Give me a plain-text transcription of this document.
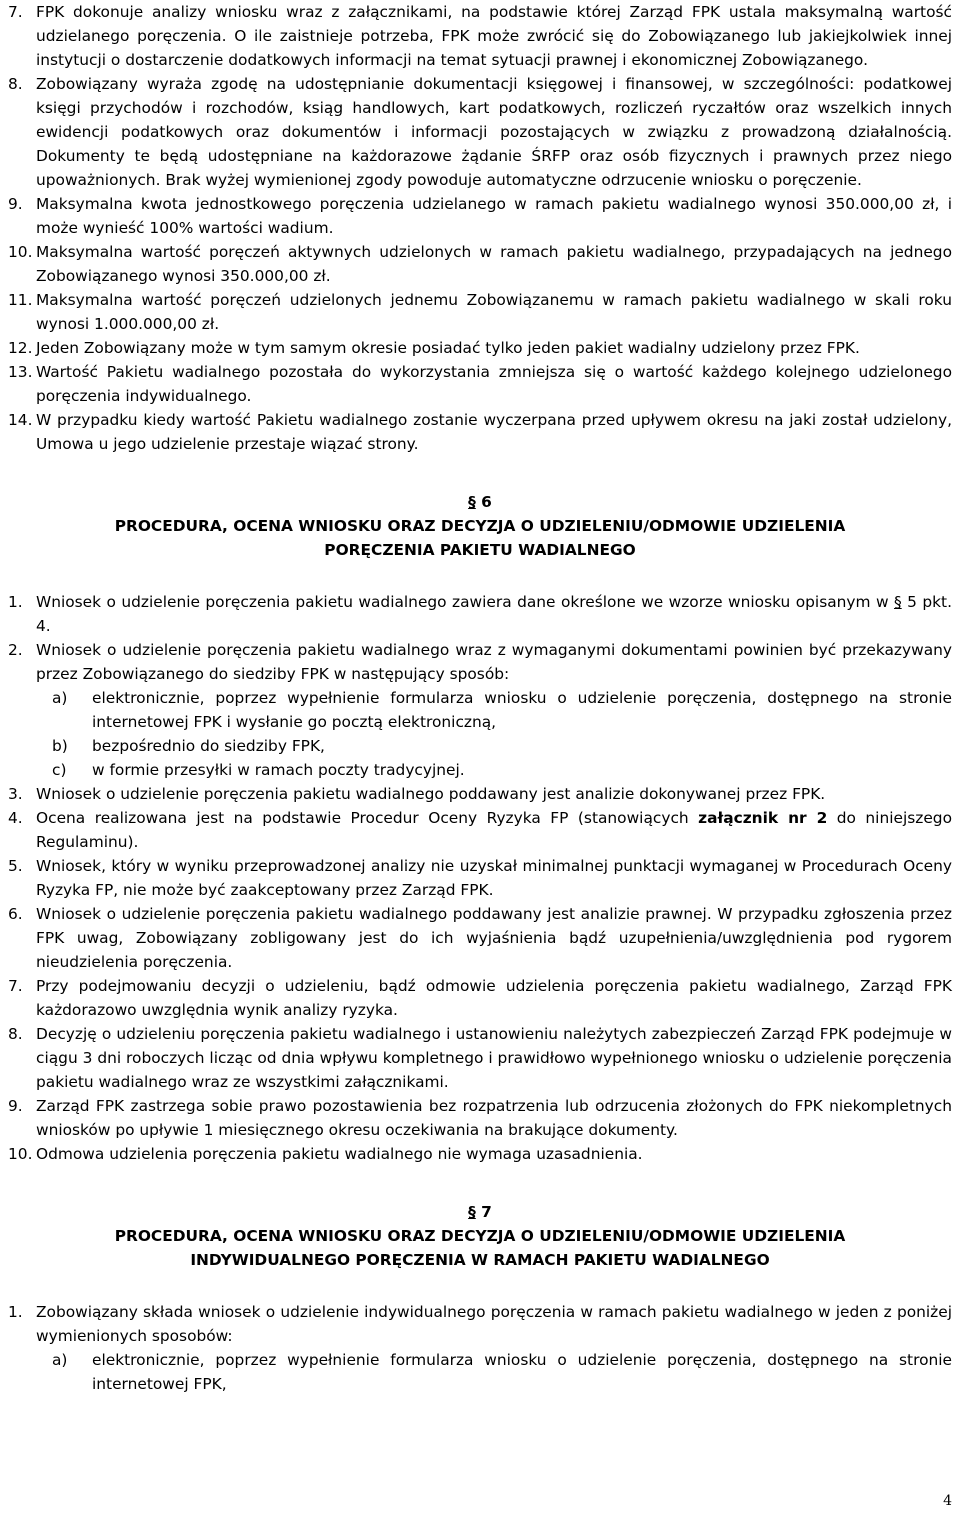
7. FPK dokonuje analizy wniosku wraz z załącznikami, na podstawie której Zarząd FPK ustala maksymalną wartość udzielanego poręczenia. O ile zaistnieje potrzeba, FPK może zwrócić się do Zobowiązanego lub jakiejkolwiek innej instytucji o dostarczenie dodatkowych informacji na temat sytuacji prawnej i ekonomicznej Zobowiązanego.
8. Zobowiązany wyraża zgodę na udostępnianie dokumentacji księgowej i finansowej, w szczególności: podatkowej księgi przychodów i rozchodów, ksiąg handlowych, kart podatkowych, rozliczeń ryczałtów oraz wszelkich innych ewidencji podatkowych oraz dokumentów i informacji pozostających w związku z prowadzoną działalnością. Dokumenty te będą udostępniane na każdorazowe żądanie ŚRFP oraz osób fizycznych i prawnych przez niego upoważnionych. Brak wyżej wymienionej zgody powoduje automatyczne odrzucenie wniosku o poręczenie.
9. Maksymalna kwota jednostkowego poręczenia udzielanego w ramach pakietu wadialnego wynosi 350.000,00 zł, i może wynieść 100% wartości wadium.
10. Maksymalna wartość poręczeń aktywnych udzielonych w ramach pakietu wadialnego, przypadających na jednego Zobowiązanego wynosi 350.000,00 zł.
11. Maksymalna wartość poręczeń udzielonych jednemu Zobowiązanemu w ramach pakietu wadialnego w skali roku wynosi 1.000.000,00 zł.
12. Jeden Zobowiązany może w tym samym okresie posiadać tylko jeden pakiet wadialny udzielony przez FPK.
13. Wartość Pakietu wadialnego pozostała do wykorzystania zmniejsza się o wartość każdego kolejnego udzielonego poręczenia indywidualnego.
14. W przypadku kiedy wartość Pakietu wadialnego zostanie wyczerpana przed upływem okresu na jaki został udzielony, Umowa u jego udzielenie przestaje wiązać strony.
§ 6
PROCEDURA, OCENA WNIOSKU ORAZ DECYZJA O UDZIELENIU/ODMOWIE UDZIELENIA
PORĘCZENIA PAKIETU WADIALNEGO
1. Wniosek o udzielenie poręczenia pakietu wadialnego zawiera dane określone we wzorze wniosku opisanym w § 5 pkt. 4.
2. Wniosek o udzielenie poręczenia pakietu wadialnego wraz z wymaganymi dokumentami powinien być przekazywany przez Zobowiązanego do siedziby FPK w następujący sposób:
a)	elektronicznie, poprzez wypełnienie formularza wniosku o udzielenie poręczenia, dostępnego na stronie internetowej FPK i wysłanie go pocztą elektroniczną,
b)	bezpośrednio do siedziby FPK,
c)	w formie przesyłki w ramach poczty tradycyjnej.
3. Wniosek o udzielenie poręczenia pakietu wadialnego poddawany jest analizie dokonywanej przez FPK.
4. Ocena realizowana jest na podstawie Procedur Oceny Ryzyka FP (stanowiących załącznik nr 2 do niniejszego Regulaminu).
5. Wniosek, który w wyniku przeprowadzonej analizy nie uzyskał minimalnej punktacji wymaganej w Procedurach Oceny Ryzyka FP, nie może być zaakceptowany przez Zarząd FPK.
6. Wniosek o udzielenie poręczenia pakietu wadialnego poddawany jest analizie prawnej. W przypadku zgłoszenia przez FPK uwag, Zobowiązany zobligowany jest do ich wyjaśnienia bądź uzupełnienia/uwzględnienia pod rygorem nieudzielenia poręczenia.
7. Przy podejmowaniu decyzji o udzieleniu, bądź odmowie udzielenia poręczenia pakietu wadialnego, Zarząd FPK każdorazowo uwzględnia wynik analizy ryzyka.
8. Decyzję o udzieleniu poręczenia pakietu wadialnego i ustanowieniu należytych zabezpieczeń Zarząd FPK podejmuje w ciągu 3 dni roboczych licząc od dnia wpływu kompletnego i prawidłowo wypełnionego wniosku o udzielenie poręczenia pakietu wadialnego wraz ze wszystkimi załącznikami.
9. Zarząd FPK zastrzega sobie prawo pozostawienia bez rozpatrzenia lub odrzucenia złożonych do FPK niekompletnych wniosków po upływie 1 miesięcznego okresu oczekiwania na brakujące dokumenty.
10. Odmowa udzielenia poręczenia pakietu wadialnego nie wymaga uzasadnienia.
§ 7
PROCEDURA, OCENA WNIOSKU ORAZ DECYZJA O UDZIELENIU/ODMOWIE UDZIELENIA
INDYWIDUALNEGO PORĘCZENIA W RAMACH PAKIETU WADIALNEGO
1. Zobowiązany składa wniosek o udzielenie indywidualnego poręczenia w ramach pakietu wadialnego w jeden z poniżej wymienionych sposobów:
a)	elektronicznie, poprzez wypełnienie formularza wniosku o udzielenie poręczenia, dostępnego na stronie internetowej FPK,
4
